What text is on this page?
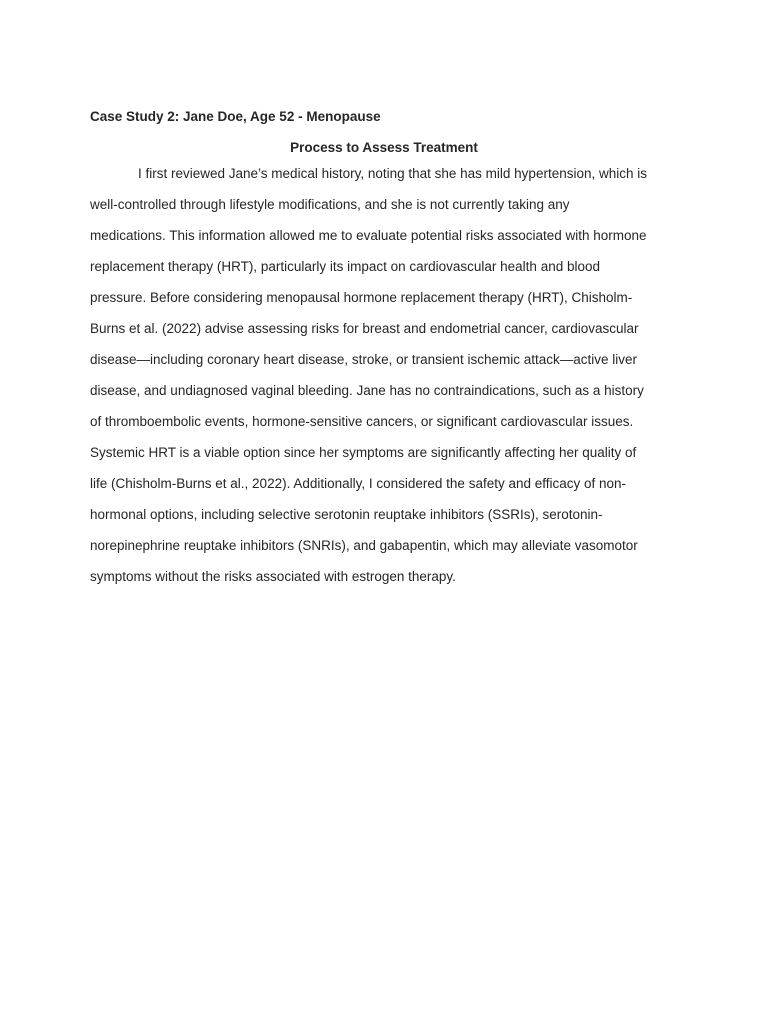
Case Study 2: Jane Doe, Age 52 - Menopause

Process to Assess Treatment

I first reviewed Jane’s medical history, noting that she has mild hypertension, which is

well-controlled through lifestyle modifications, and she is not currently taking any

medications. This information allowed me to evaluate potential risks associated with hormone

replacement therapy (HRT), particularly its impact on cardiovascular health and blood

pressure. Before considering menopausal hormone replacement therapy (HRT), Chisholm-

Burns et al. (2022) advise assessing risks for breast and endometrial cancer, cardiovascular

disease—including coronary heart disease, stroke, or transient ischemic attack—active liver

disease, and undiagnosed vaginal bleeding. Jane has no contraindications, such as a history

of thromboembolic events, hormone-sensitive cancers, or significant cardiovascular issues.

Systemic HRT is a viable option since her symptoms are significantly affecting her quality of

life (Chisholm-Burns et al., 2022). Additionally, I considered the safety and efficacy of non-

hormonal options, including selective serotonin reuptake inhibitors (SSRIs), serotonin-

norepinephrine reuptake inhibitors (SNRIs), and gabapentin, which may alleviate vasomotor

symptoms without the risks associated with estrogen therapy.
